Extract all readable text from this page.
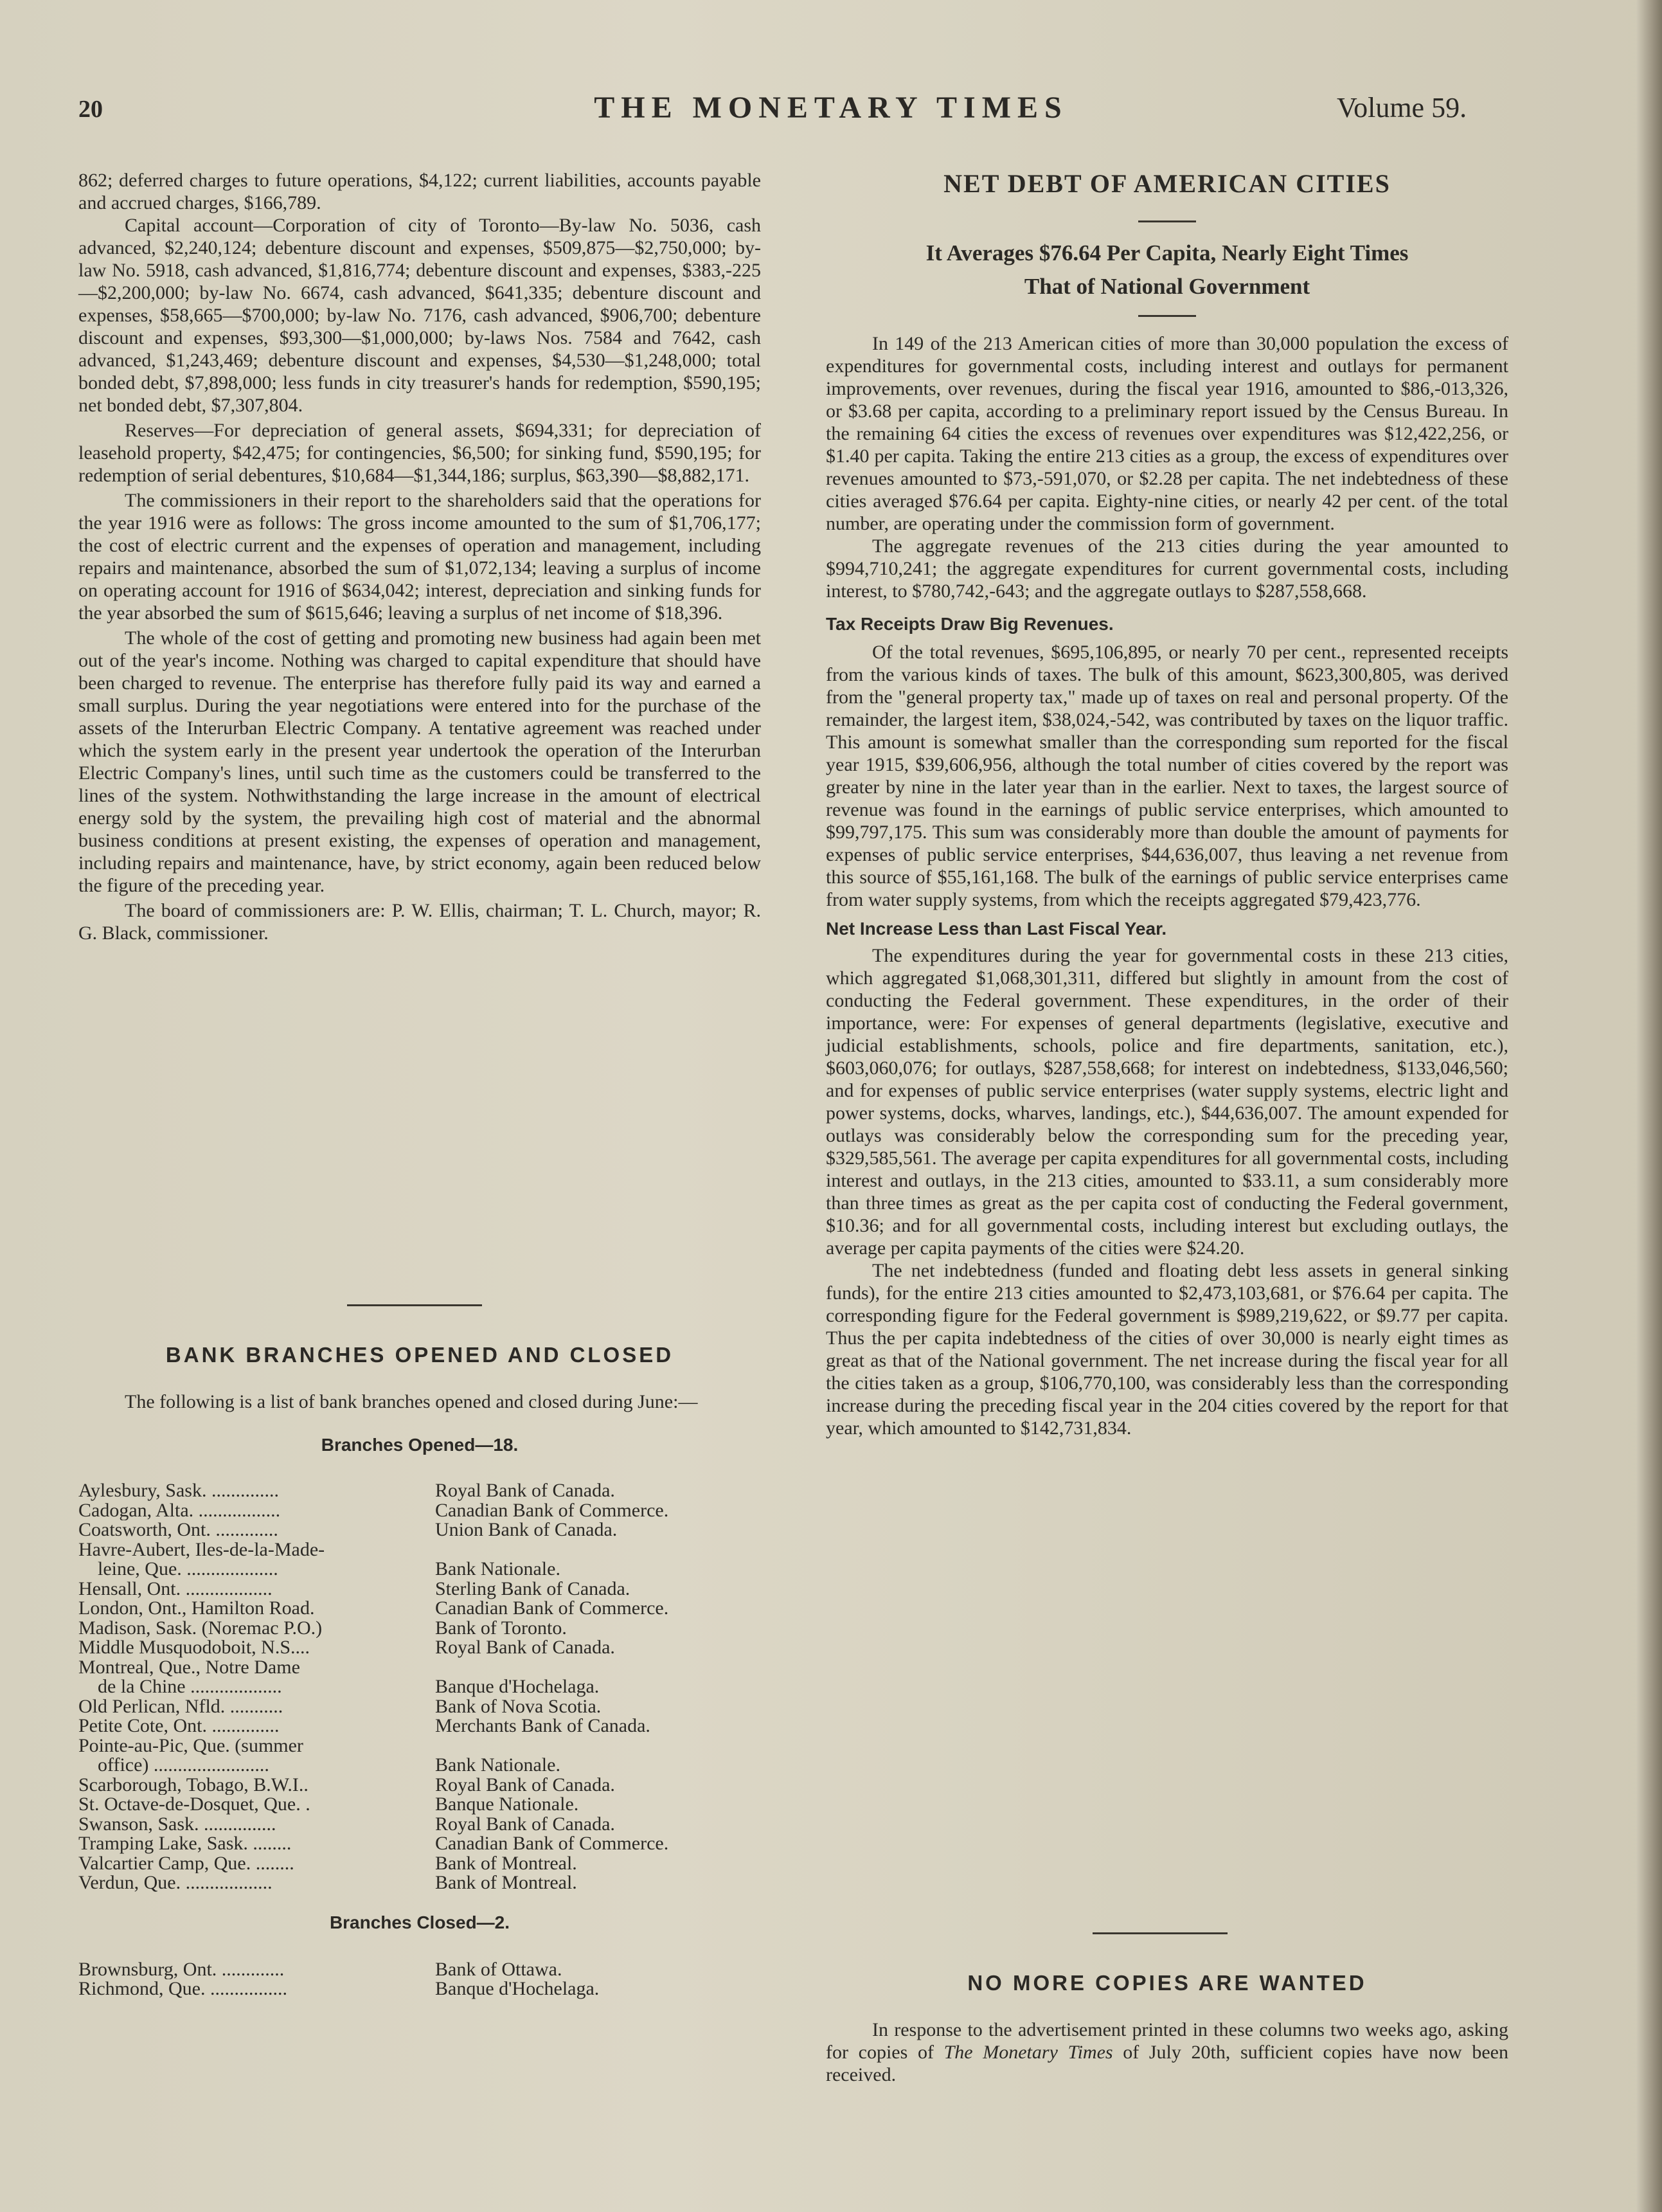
20	THE MONETARY TIMES	Volume 59.

862; deferred charges to future operations, $4,122; current liabilities, accounts payable and accrued charges, $166,789.

Capital account—Corporation of city of Toronto—By-law No. 5036, cash advanced, $2,240,124; debenture discount and expenses, $509,875—$2,750,000; by-law No. 5918, cash advanced, $1,816,774; debenture discount and expenses, $383,-225—$2,200,000; by-law No. 6674, cash advanced, $641,335; debenture discount and expenses, $58,665—$700,000; by-law No. 7176, cash advanced, $906,700; debenture discount and expenses, $93,300—$1,000,000; by-laws Nos. 7584 and 7642, cash advanced, $1,243,469; debenture discount and expenses, $4,530—$1,248,000; total bonded debt, $7,898,000; less funds in city treasurer's hands for redemption, $590,195; net bonded debt, $7,307,804.

Reserves—For depreciation of general assets, $694,331; for depreciation of leasehold property, $42,475; for contingencies, $6,500; for sinking fund, $590,195; for redemption of serial debentures, $10,684—$1,344,186; surplus, $63,390—$8,882,171.

The commissioners in their report to the shareholders said that the operations for the year 1916 were as follows: The gross income amounted to the sum of $1,706,177; the cost of electric current and the expenses of operation and management, including repairs and maintenance, absorbed the sum of $1,072,134; leaving a surplus of income on operating account for 1916 of $634,042; interest, depreciation and sinking funds for the year absorbed the sum of $615,646; leaving a surplus of net income of $18,396.

The whole of the cost of getting and promoting new business had again been met out of the year's income. Nothing was charged to capital expenditure that should have been charged to revenue. The enterprise has therefore fully paid its way and earned a small surplus. During the year negotiations were entered into for the purchase of the assets of the Interurban Electric Company. A tentative agreement was reached under which the system early in the present year undertook the operation of the Interurban Electric Company's lines, until such time as the customers could be transferred to the lines of the system. Nothwithstanding the large increase in the amount of electrical energy sold by the system, the prevailing high cost of material and the abnormal business conditions at present existing, the expenses of operation and management, including repairs and maintenance, have, by strict economy, again been reduced below the figure of the preceding year.

The board of commissioners are: P. W. Ellis, chairman; T. L. Church, mayor; R. G. Black, commissioner.

BANK BRANCHES OPENED AND CLOSED

The following is a list of bank branches opened and closed during June:—

Branches Opened—18.
Aylesbury, Sask. ..............	Royal Bank of Canada.
Cadogan, Alta. .................	Canadian Bank of Commerce.
Coatsworth, Ont. .............	Union Bank of Canada.
Havre-Aubert, Iles-de-la-Made-
leine, Que. ...................	Bank Nationale.
Hensall, Ont. ..................	Sterling Bank of Canada.
London, Ont., Hamilton Road.	Canadian Bank of Commerce.
Madison, Sask. (Noremac P.O.)	Bank of Toronto.
Middle Musquodoboit, N.S....	Royal Bank of Canada.
Montreal, Que., Notre Dame
de la Chine ...................	Banque d'Hochelaga.
Old Perlican, Nfld. ...........	Bank of Nova Scotia.
Petite Cote, Ont. ..............	Merchants Bank of Canada.
Pointe-au-Pic, Que. (summer
office) ........................	Bank Nationale.
Scarborough, Tobago, B.W.I..	Royal Bank of Canada.
St. Octave-de-Dosquet, Que. .	Banque Nationale.
Swanson, Sask. ...............	Royal Bank of Canada.
Tramping Lake, Sask. ........	Canadian Bank of Commerce.
Valcartier Camp, Que. ........	Bank of Montreal.
Verdun, Que. ..................	Bank of Montreal.
Branches Closed—2.
Brownsburg, Ont. .............	Bank of Ottawa.
Richmond, Que. ................	Banque d'Hochelaga.
NET DEBT OF AMERICAN CITIES
It Averages $76.64 Per Capita, Nearly Eight Times
That of National Government

In 149 of the 213 American cities of more than 30,000 population the excess of expenditures for governmental costs, including interest and outlays for permanent improvements, over revenues, during the fiscal year 1916, amounted to $86,-013,326, or $3.68 per capita, according to a preliminary report issued by the Census Bureau. In the remaining 64 cities the excess of revenues over expenditures was $12,422,256, or $1.40 per capita. Taking the entire 213 cities as a group, the excess of expenditures over revenues amounted to $73,-591,070, or $2.28 per capita. The net indebtedness of these cities averaged $76.64 per capita. Eighty-nine cities, or nearly 42 per cent. of the total number, are operating under the commission form of government.

The aggregate revenues of the 213 cities during the year amounted to $994,710,241; the aggregate expenditures for current governmental costs, including interest, to $780,742,-643; and the aggregate outlays to $287,558,668.

Tax Receipts Draw Big Revenues.

Of the total revenues, $695,106,895, or nearly 70 per cent., represented receipts from the various kinds of taxes. The bulk of this amount, $623,300,805, was derived from the "general property tax," made up of taxes on real and personal property. Of the remainder, the largest item, $38,024,-542, was contributed by taxes on the liquor traffic. This amount is somewhat smaller than the corresponding sum reported for the fiscal year 1915, $39,606,956, although the total number of cities covered by the report was greater by nine in the later year than in the earlier. Next to taxes, the largest source of revenue was found in the earnings of public service enterprises, which amounted to $99,797,175. This sum was considerably more than double the amount of payments for expenses of public service enterprises, $44,636,007, thus leaving a net revenue from this source of $55,161,168. The bulk of the earnings of public service enterprises came from water supply systems, from which the receipts aggregated $79,423,776.

Net Increase Less than Last Fiscal Year.

The expenditures during the year for governmental costs in these 213 cities, which aggregated $1,068,301,311, differed but slightly in amount from the cost of conducting the Federal government. These expenditures, in the order of their importance, were: For expenses of general departments (legislative, executive and judicial establishments, schools, police and fire departments, sanitation, etc.), $603,060,076; for outlays, $287,558,668; for interest on indebtedness, $133,046,560; and for expenses of public service enterprises (water supply systems, electric light and power systems, docks, wharves, landings, etc.), $44,636,007. The amount expended for outlays was considerably below the corresponding sum for the preceding year, $329,585,561. The average per capita expenditures for all governmental costs, including interest and outlays, in the 213 cities, amounted to $33.11, a sum considerably more than three times as great as the per capita cost of conducting the Federal government, $10.36; and for all governmental costs, including interest but excluding outlays, the average per capita payments of the cities were $24.20.

The net indebtedness (funded and floating debt less assets in general sinking funds), for the entire 213 cities amounted to $2,473,103,681, or $76.64 per capita. The corresponding figure for the Federal government is $989,219,622, or $9.77 per capita. Thus the per capita indebtedness of the cities of over 30,000 is nearly eight times as great as that of the National government. The net increase during the fiscal year for all the cities taken as a group, $106,770,100, was considerably less than the corresponding increase during the preceding fiscal year in the 204 cities covered by the report for that year, which amounted to $142,731,834.

NO MORE COPIES ARE WANTED

In response to the advertisement printed in these columns two weeks ago, asking for copies of The Monetary Times of July 20th, sufficient copies have now been received.
